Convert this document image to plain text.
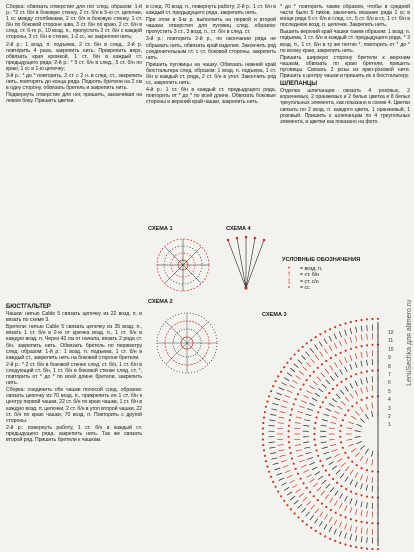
Сборка: обвязать отверстие для ног след. образом: 1-й р.: *2 ст. б/н в боковую стенку, 2 ст. б/н в 5-ю ст. цепочки, 1 сс между столбиками, 2 ст. б/н в боковую стенку, 1 ст. б/н по боковой стороне шва, 3 ст. б/н по краю, 2 ст. б/н в след. ст. 6-го р., 10 возд. п., пропустить 2 ст. б/н с каждой стороны, 3 ст. б/н в стенке, 1-2 сс, не закрепляя нить;

2-й р.: 1 возд. п. подъема, 2 ст. б/н в след., 2-й р. повторить 4 раза, закрепить нить. Прикрепить верх, обвязать края кромкой, 1 ст. б/н в каждый ст. предыдущего ряда; 2-й р.: * 5 ст. б/н в след., 5 ст. б/н по краю, 1 сс в 1-ю цепочку;

3-й р.: * до * повторить, 2 ст. с 2 н. в след. ст., закрепить нить, повторять до конца ряда. Поднять бретели на 2 см в одну сторону, обвязать бретель и закрепить нить.

Подвернуть отверстие для ног, пришить, заканчивая на левом боку. Пришить цветки.

БЮСТГАЛЬТЕР

Чашки: нитью Cable 5 связать цепочку из 22 возд. п. и вязать по схеме 3.

Бретели: нитью Cable 5 связать цепочку из 35 возд. п., вязать 1 ст. б/н в 2-ю от крючка возд. п., 1 ст. б/н в каждую возд. п. Через 42 см от начала, вязать 2 ряда ст. б/н, закрепить нить. Обвязать бретель по периметру след. образом: 1-й р.: 1 возд. п. подъема, 1 ст. б/н в каждый ст., закрепить нить на боковой стороне бретели.

2-й р.: * 2 ст. б/н в боковой стенке след. ст. б/н, 1 ст. б/н в следующий ст. б/н, 1 ст. б/н в боковой стенке след. ст. *, повторить от * до * по всей длине бретели, закрепить нить.

Сборка: соединить обе чашки полосой след. образом: связать цепочку из 70 возд. п., прикрепить ее 1 ст. б/н к центру первой чашки, 22 ст. б/н по краю чашки, 1 ст. б/н в каждую возд. п. цепочки, 2 ст. б/н в угол второй чашки, 22 ст. б/н по краю чашки, 70 возд. п. Повторить с другой стороны.

2-й р.: повернуть работу, 1 ст. б/н в каждый ст. предыдущего ряда, закрепить нить. Так же связать второй ряд. Пришить бретели к чашкам.

в след. 70 возд. п., повернуть работу; 2-й р.: 1 ст. б/н в каждый ст. предыдущего ряда, закрепить нить.

При этом в 3-м р. выполнить на первой и второй чашках отверстия для пуговиц след. образом: пропустить 3 ст., 3 возд. п., ст. б/н в след. ст.

3-й р.: повторить 2-й р., по окончании ряда не обрывать нить, обвязать край изделия. Закончить ряд соединительным ст. с ст. боковой стороны, закрепить нить.

Пришить пуговицы на чашку. Обвязать нижний край бюстгальтера след. образом: 1 возд. п. подъема, 1 ст. б/н в каждый ст. ряда, 2 ст. б/н в угол. Закончить ряд сс, закрепить нить.

4-й р.: 1 ст. б/н в каждый ст. предыдущего ряда, повторить от * до * по всей длине. Обвязать боковые стороны и верхний край чашки, закрепить нить.

* до * повторить таким образом, чтобы в средней части было 5 пиков, закончить вязание ряда 1 сс в конце ряда 5 ст. б/н в след. ст., 5 ст. б/н в сс, 1 ст. б/н в последнюю возд. п. цепочки. Закрепить нить.

Вышить верхний край чашки таким образом: 1 возд. п. подъема, 1 ст. б/н в каждый ст. предыдущего ряда, * 3 возд. п., 1 ст. б/н в ту же петлю *, повторить от * до * по всему краю, закрепить нить.

Пришить широкую сторону бретели к верхним чашкам, обвязать по краю бретели, пришить пуговицы. Связать 2 розы из ярко-розовой нити. Пришить к центру чашки и пришить их к бюстгальтеру.

ШЛЕПАНЦЫ

Отделка шлепанцев: связать 4 розовых, 2 коричневых, 2 оранжевых и 2 белых цветка и 8 белых треугольных элемента, как показано в схеме 4. Цветки связать по 2 возд. п. каждого цвета, 1 оранжевый, 1 розовый. Пришить к шлепанцам по 4 треугольных элемента, и цветки как показано на фото.

СХЕМА 1	СХЕМА 4
СХЕМА 2
СХЕМА 3
УСЛОВНЫЕ ОБОЗНАЧЕНИЯ
•	= возд. п.
†	= ст. б/н
‡	= ст. с/н
∘	= сс
12
11
10
9
8
7
6
5
4
3
2
1
LenuSechka для allmero.ru
